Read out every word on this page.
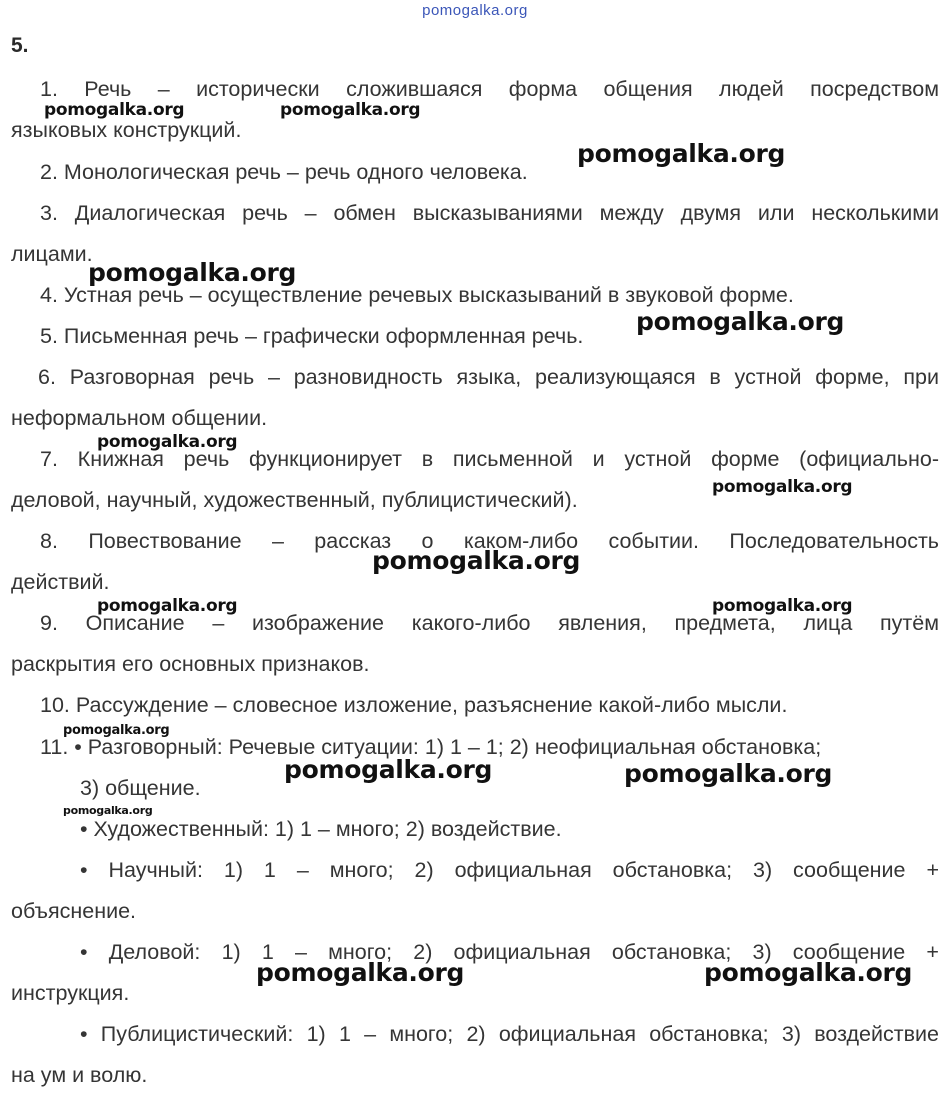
pomogalka.org
5.
1. Речь – исторически сложившаяся форма общения людей посредством
языковых конструкций.
2. Монологическая речь – речь одного человека.
3. Диалогическая речь – обмен высказываниями между двумя или несколькими
лицами.
4. Устная речь – осуществление речевых высказываний в звуковой форме.
5. Письменная речь – графически оформленная речь.
6. Разговорная речь – разновидность языка, реализующаяся в устной форме, при
неформальном общении.
7. Книжная речь функционирует в письменной и устной форме (официально-
деловой, научный, художественный, публицистический).
8. Повествование – рассказ о каком-либо событии. Последовательность
действий.
9. Описание – изображение какого-либо явления, предмета, лица путём
раскрытия его основных признаков.
10. Рассуждение – словесное изложение, разъяснение какой-либо мысли.
11. • Разговорный: Речевые ситуации: 1) 1 – 1; 2) неофициальная обстановка;
3) общение.
• Художественный: 1) 1 – много; 2) воздействие.
• Научный: 1) 1 – много; 2) официальная обстановка; 3) сообщение +
объяснение.
• Деловой: 1) 1 – много; 2) официальная обстановка; 3) сообщение +
инструкция.
• Публицистический: 1) 1 – много; 2) официальная обстановка; 3) воздействие
на ум и волю.
pomogalka.org	pomogalka.org
pomogalka.org
pomogalka.org
pomogalka.org
pomogalka.org
pomogalka.org
pomogalka.org
pomogalka.org	pomogalka.org
pomogalka.org
pomogalka.org	pomogalka.org
pomogalka.org
pomogalka.org	pomogalka.org
